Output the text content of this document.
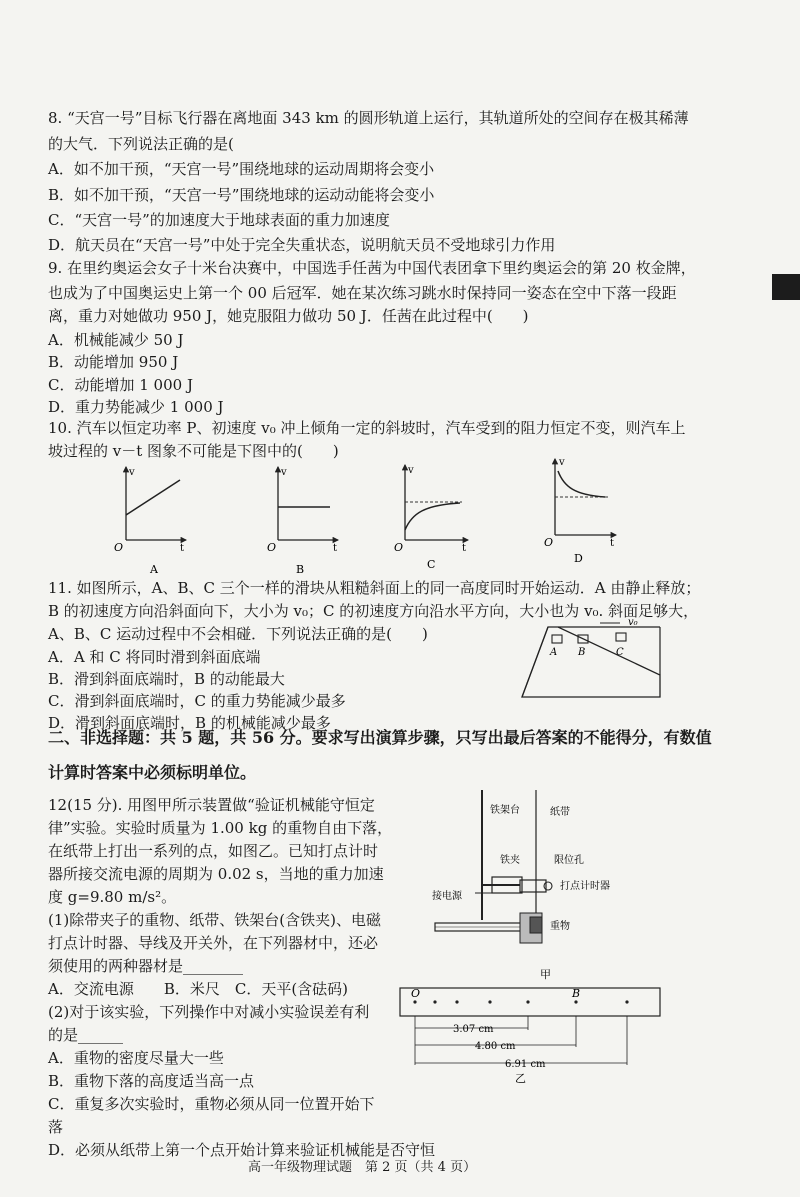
8. “天宫一号”目标飞行器在离地面 343 km 的圆形轨道上运行，其轨道所处的空间存在极其稀薄
的大气．下列说法正确的是(
A．如不加干预，“天宫一号”围绕地球的运动周期将会变小
B．如不加干预，“天宫一号”围绕地球的运动动能将会变小
C．“天宫一号”的加速度大于地球表面的重力加速度
D．航天员在“天宫一号”中处于完全失重状态，说明航天员不受地球引力作用
9. 在里约奥运会女子十米台决赛中，中国选手任茜为中国代表团拿下里约奥运会的第 20 枚金牌，
也成为了中国奥运史上第一个 00 后冠军．她在某次练习跳水时保持同一姿态在空中下落一段距
离，重力对她做功 950 J，她克服阻力做功 50 J．任茜在此过程中(　　)
A．机械能减少 50 J
B．动能增加 950 J
C．动能增加 1 000 J
D．重力势能减少 1 000 J
10. 汽车以恒定功率 P、初速度 v₀ 冲上倾角一定的斜坡时，汽车受到的阻力恒定不变，则汽车上
坡过程的 v－t 图象不可能是下图中的(　　)
v
O	t
A
v
O	t
B
v
O	t
C
v
O	t
D
11. 如图所示，A、B、C 三个一样的滑块从粗糙斜面上的同一高度同时开始运动．A 由静止释放；
B 的初速度方向沿斜面向下，大小为 v₀；C 的初速度方向沿水平方向，大小也为 v₀. 斜面足够大，
A、B、C 运动过程中不会相碰．下列说法正确的是(　　)
A．A 和 C 将同时滑到斜面底端
B．滑到斜面底端时，B 的动能最大
C．滑到斜面底端时，C 的重力势能减少最多
D．滑到斜面底端时，B 的机械能减少最多
A B	C
v₀
二、非选择题：共 5 题，共 56 分。要求写出演算步骤，只写出最后答案的不能得分，有数值
计算时答案中必须标明单位。
12(15 分). 用图甲所示装置做“验证机械能守恒定
律”实验。实验时质量为 1.00 kg 的重物自由下落，
在纸带上打出一系列的点，如图乙。已知打点计时
器所接交流电源的周期为 0.02 s，当地的重力加速
度 g=9.80 m/s²。
(1)除带夹子的重物、纸带、铁架台(含铁夹)、电磁
打点计时器、导线及开关外，在下列器材中，还必
须使用的两种器材是________
A．交流电源　　B．米尺　C．天平(含砝码)
(2)对于该实验，下列操作中对减小实验误差有利
的是______
A．重物的密度尽量大一些
B．重物下落的高度适当高一点
C．重复多次实验时，重物必须从同一位置开始下
落
D．必须从纸带上第一个点开始计算来验证机械能是否守恒
铁架台	纸带
铁夹	限位孔
打点计时器
接电源
重物
甲
O	B
3.07 cm
4.80 cm
6.91 cm
乙
高一年级物理试题　第 2 页（共 4 页）
